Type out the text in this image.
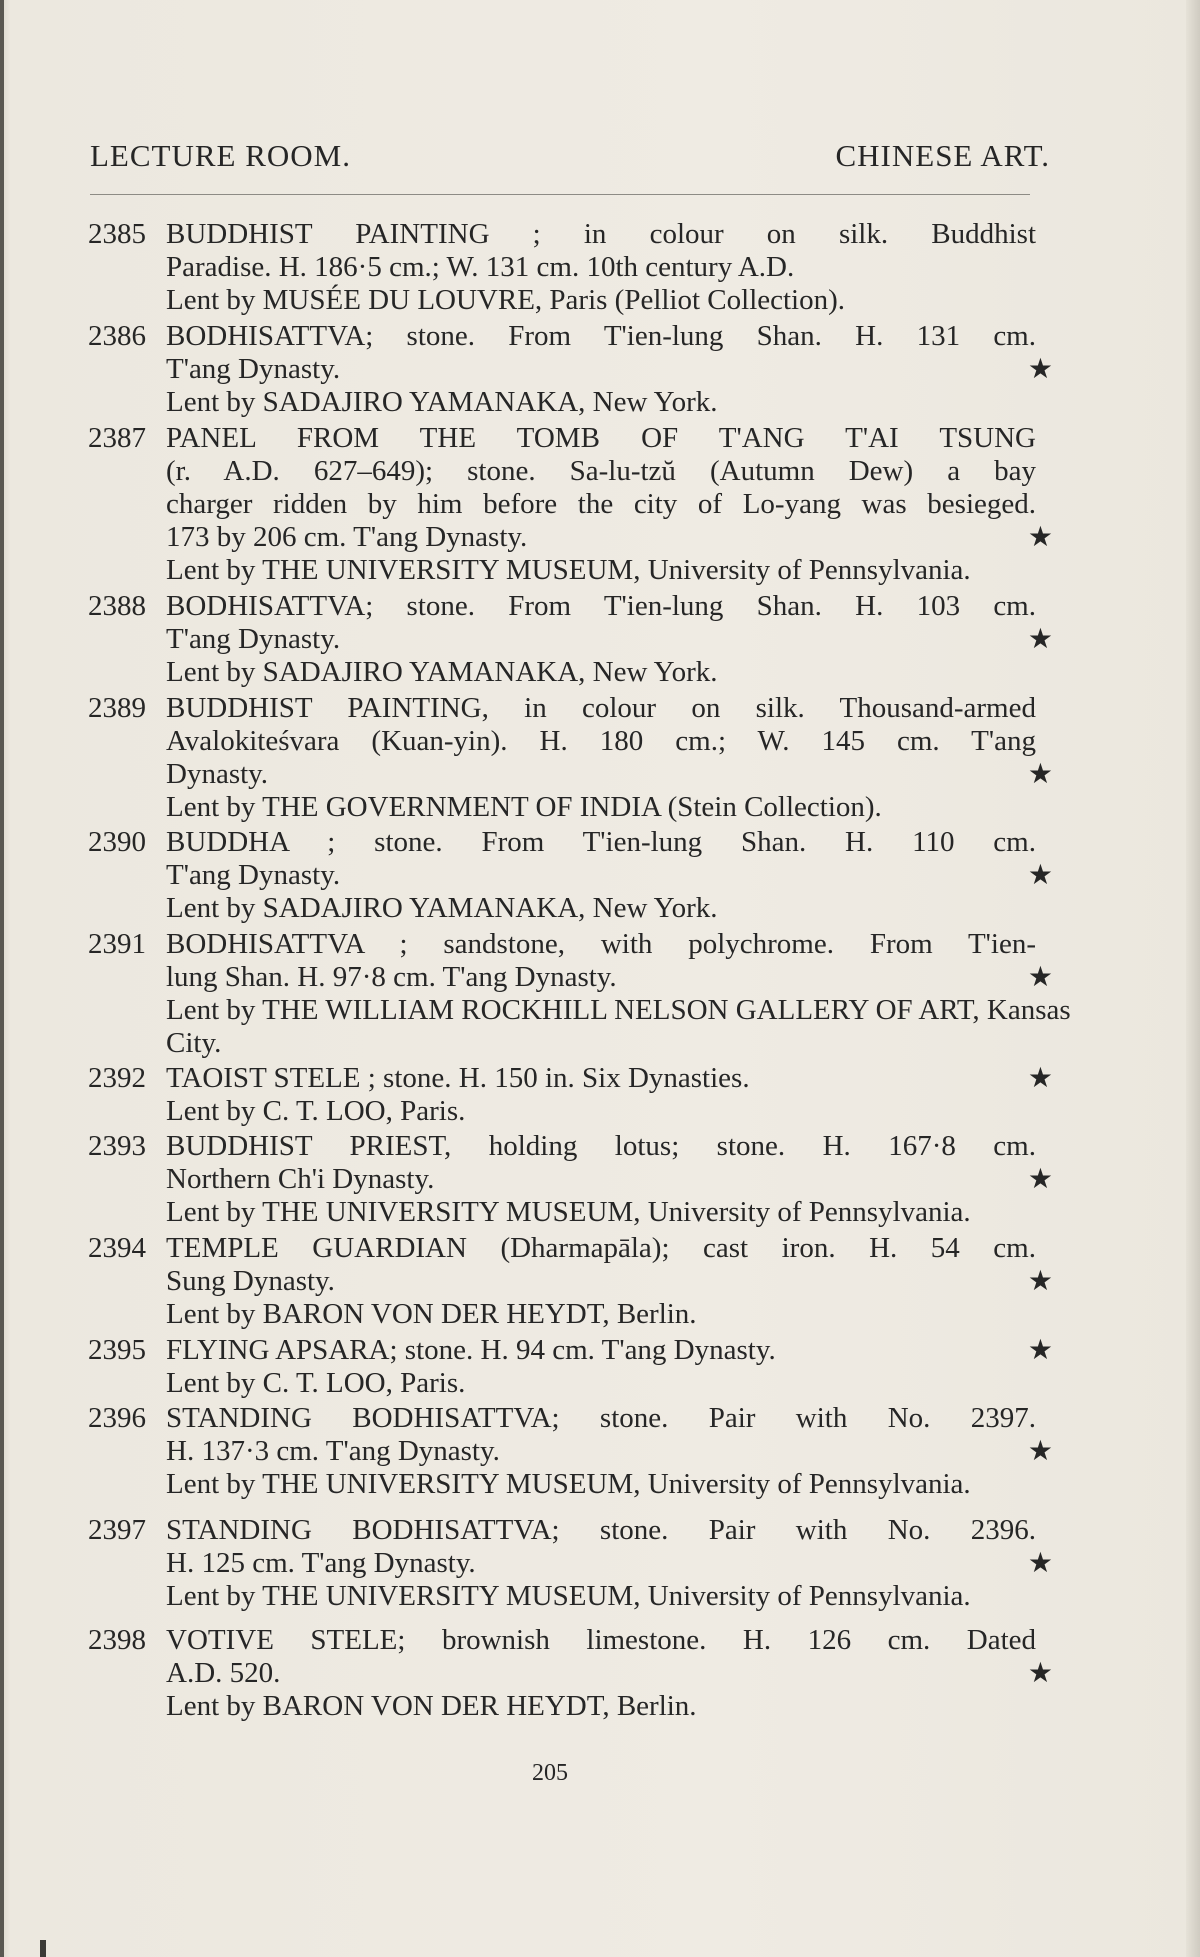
LECTURE ROOM.	CHINESE ART.
2385 BUDDHIST PAINTING ; in colour on silk. Buddhist
Paradise. H. 186·5 cm.; W. 131 cm. 10th century A.D.
Lent by MUSÉE DU LOUVRE, Paris (Pelliot Collection).
2386 BODHISATTVA; stone. From T'ien-lung Shan. H. 131 cm.
T'ang Dynasty.	★
Lent by SADAJIRO YAMANAKA, New York.
2387 PANEL FROM THE TOMB OF T'ANG T'AI TSUNG
(r. A.D. 627–649); stone. Sa-lu-tzŭ (Autumn Dew) a bay
charger ridden by him before the city of Lo-yang was besieged.
173 by 206 cm. T'ang Dynasty.	★
Lent by THE UNIVERSITY MUSEUM, University of Pennsylvania.
2388 BODHISATTVA; stone. From T'ien-lung Shan. H. 103 cm.
T'ang Dynasty.	★
Lent by SADAJIRO YAMANAKA, New York.
2389 BUDDHIST PAINTING, in colour on silk. Thousand-armed
Avalokiteśvara (Kuan-yin). H. 180 cm.; W. 145 cm. T'ang
Dynasty.	★
Lent by THE GOVERNMENT OF INDIA (Stein Collection).
2390 BUDDHA ; stone. From T'ien-lung Shan. H. 110 cm.
T'ang Dynasty.	★
Lent by SADAJIRO YAMANAKA, New York.
2391 BODHISATTVA ; sandstone, with polychrome. From T'ien-
lung Shan. H. 97·8 cm. T'ang Dynasty.	★
Lent by THE WILLIAM ROCKHILL NELSON GALLERY OF ART, Kansas
City.
2392 TAOIST STELE ; stone. H. 150 in. Six Dynasties.	★
Lent by C. T. LOO, Paris.
2393 BUDDHIST PRIEST, holding lotus; stone. H. 167·8 cm.
Northern Ch'i Dynasty.	★
Lent by THE UNIVERSITY MUSEUM, University of Pennsylvania.
2394 TEMPLE GUARDIAN (Dharmapāla); cast iron. H. 54 cm.
Sung Dynasty.	★
Lent by BARON VON DER HEYDT, Berlin.
2395 FLYING APSARA; stone. H. 94 cm. T'ang Dynasty.	★
Lent by C. T. LOO, Paris.
2396 STANDING BODHISATTVA; stone. Pair with No. 2397.
H. 137·3 cm. T'ang Dynasty.	★
Lent by THE UNIVERSITY MUSEUM, University of Pennsylvania.
2397 STANDING BODHISATTVA; stone. Pair with No. 2396.
H. 125 cm. T'ang Dynasty.	★
Lent by THE UNIVERSITY MUSEUM, University of Pennsylvania.
2398 VOTIVE STELE; brownish limestone. H. 126 cm. Dated
A.D. 520.	★
Lent by BARON VON DER HEYDT, Berlin.
205
